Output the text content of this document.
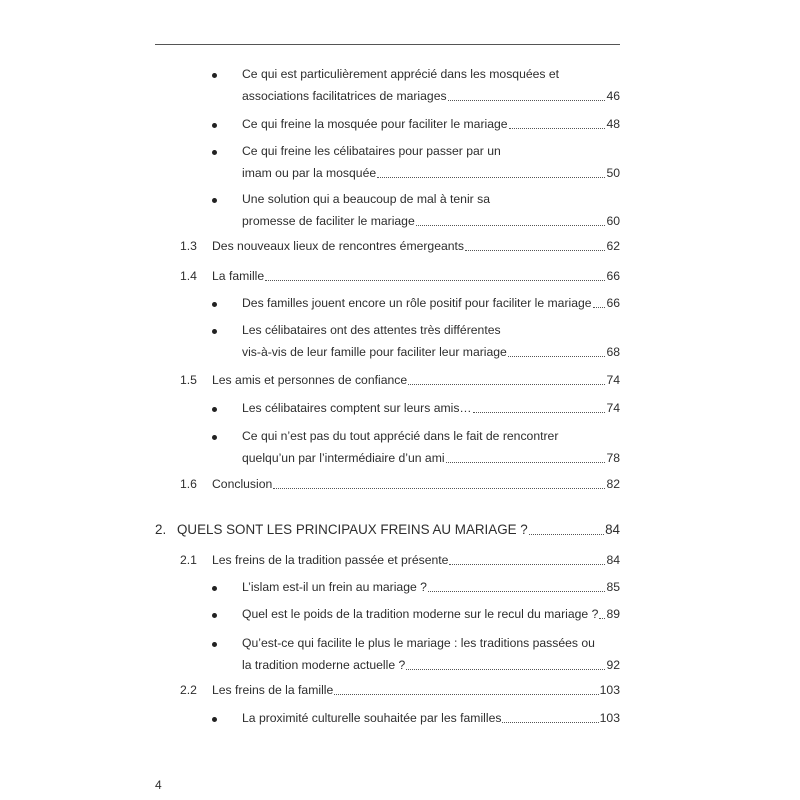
Ce qui est particulièrement apprécié dans les mosquées et
associations facilitatrices de mariages	46
Ce qui freine la mosquée pour faciliter le mariage	48
Ce qui freine les célibataires pour passer par un
imam ou par la mosquée	50
Une solution qui a beaucoup de mal à tenir sa
promesse de faciliter le mariage	60
1.3 Des nouveaux lieux de rencontres émergeants	62
1.4 La famille	66
Des familles jouent encore un rôle positif pour faciliter le mariage 66
Les célibataires ont des attentes très différentes
vis-à-vis de leur famille pour faciliter leur mariage	68
1.5 Les amis et personnes de confiance	74
Les célibataires comptent sur leurs amis…	74
Ce qui n’est pas du tout apprécié dans le fait de rencontrer
quelqu’un par l’intermédiaire d’un ami	78
1.6 Conclusion	82
2. QUELS SONT LES PRINCIPAUX FREINS AU MARIAGE ?	84
2.1 Les freins de la tradition passée et présente	84
L’islam est-il un frein au mariage ?	85
Quel est le poids de la tradition moderne sur le recul du mariage ? 89
Qu’est-ce qui facilite le plus le mariage : les traditions passées ou
la tradition moderne actuelle ?	92
2.2 Les freins de la famille	103
La proximité culturelle souhaitée par les familles	103
4
